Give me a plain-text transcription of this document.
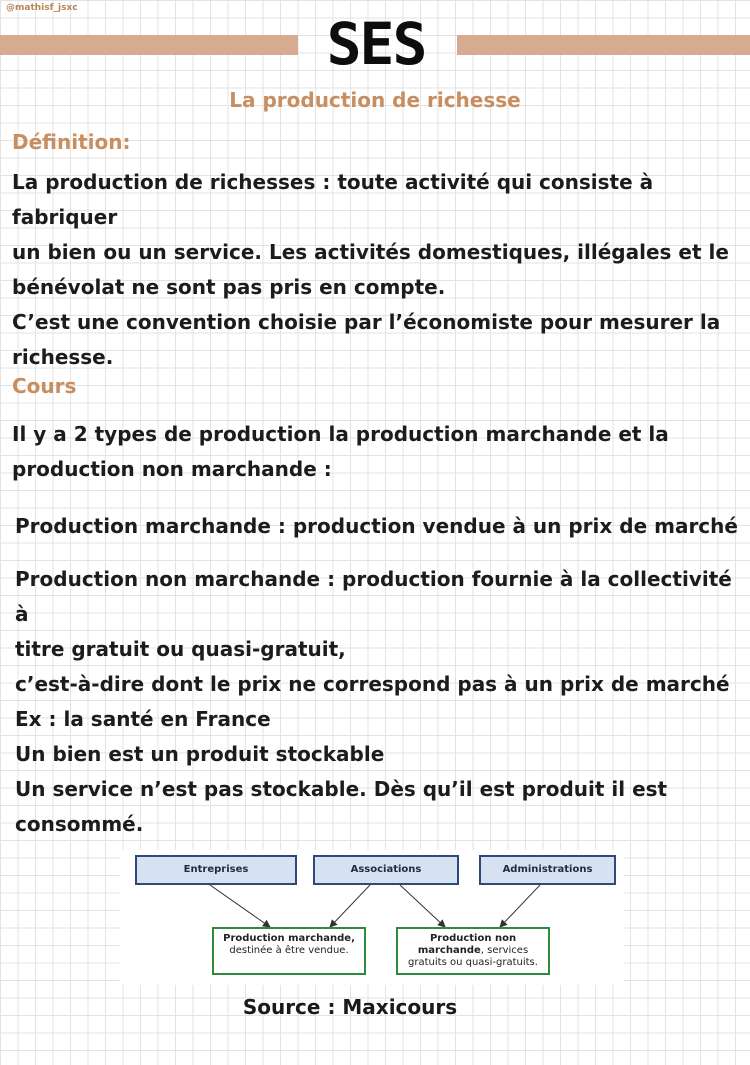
@mathisf_jsxc
SES
La production de richesse
Définition:

La production de richesses : toute activité qui consiste à fabriquer
un bien ou un service. Les activités domestiques, illégales et le
bénévolat ne sont pas pris en compte.
C’est une convention choisie par l’économiste pour mesurer la
richesse.

Cours

Il y a 2 types de production la production marchande et la
production non marchande :

Production marchande : production vendue à un prix de marché

Production non marchande : production fournie à la collectivité à
titre gratuit ou quasi-gratuit,
c’est-à-dire dont le prix ne correspond pas à un prix de marché
Ex : la santé en France
Un bien est un produit stockable
Un service n’est pas stockable. Dès qu’il est produit il est
consommé.

Entreprises	Associations	Administrations
Production marchande,
destinée à être vendue.
Production non
marchande, services
gratuits ou quasi-gratuits.
Source : Maxicours
